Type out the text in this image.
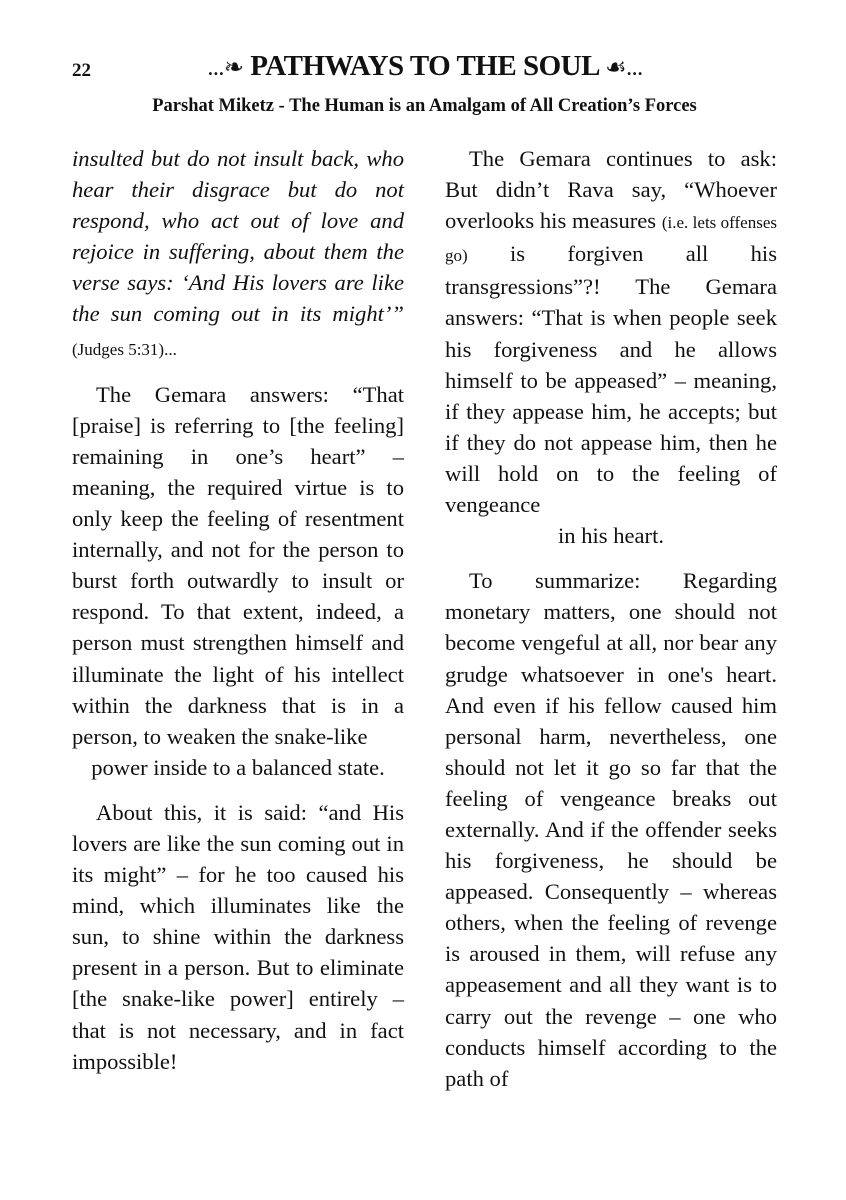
22	...❧ PATHWAYS TO THE SOUL ☙...
Parshat Miketz - The Human is an Amalgam of All Creation’s Forces

insulted but do not insult back, who hear their disgrace but do not respond, who act out of love and rejoice in suffering, about them the verse says: ‘And His lovers are like the sun coming out in its might’” (Judges 5:31)...

The Gemara answers: “That [praise] is referring to [the feeling] remaining in one’s heart” – meaning, the required virtue is to only keep the feeling of resentment internally, and not for the person to burst forth outwardly to insult or respond. To that extent, indeed, a person must strengthen himself and illuminate the light of his intellect within the darkness that is in a person, to weaken the snake-like
power inside to a balanced state.

About this, it is said: “and His lovers are like the sun coming out in its might” – for he too caused his mind, which illuminates like the sun, to shine within the darkness present in a person. But to eliminate [the snake-like power] entirely – that is not necessary, and in fact impossible!

The Gemara continues to ask: But didn’t Rava say, “Whoever overlooks his measures (i.e. lets offenses go) is forgiven all his transgressions”?! The Gemara answers: “That is when people seek his forgiveness and he allows himself to be appeased” – meaning, if they appease him, he accepts; but if they do not appease him, then he will hold on to the feeling of vengeance
in his heart.

To summarize: Regarding monetary matters, one should not become vengeful at all, nor bear any grudge whatsoever in one's heart. And even if his fellow caused him personal harm, nevertheless, one should not let it go so far that the feeling of vengeance breaks out externally. And if the offender seeks his forgiveness, he should be appeased. Consequently – whereas others, when the feeling of revenge is aroused in them, will refuse any appeasement and all they want is to carry out the revenge – one who conducts himself according to the path of
